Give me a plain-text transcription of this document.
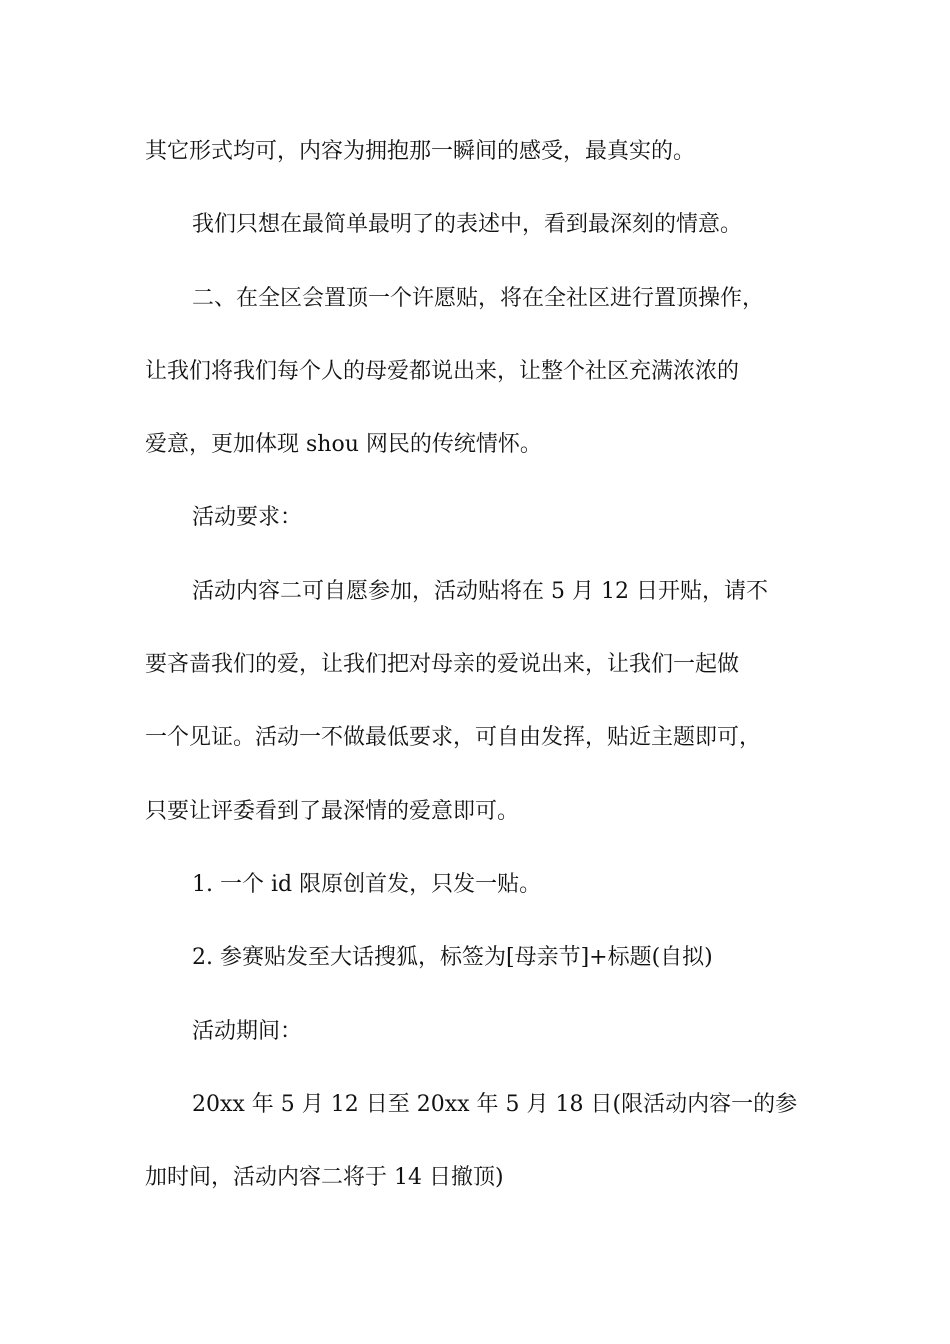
其它形式均可，内容为拥抱那一瞬间的感受，最真实的。
我们只想在最简单最明了的表述中，看到最深刻的情意。
二、在全区会置顶一个许愿贴，将在全社区进行置顶操作，
让我们将我们每个人的母爱都说出来，让整个社区充满浓浓的
爱意，更加体现 shou 网民的传统情怀。
活动要求：
活动内容二可自愿参加，活动贴将在 5 月 12 日开贴，请不
要吝啬我们的爱，让我们把对母亲的爱说出来，让我们一起做
一个见证。活动一不做最低要求，可自由发挥，贴近主题即可，
只要让评委看到了最深情的爱意即可。
1. 一个 id 限原创首发，只发一贴。
2. 参赛贴发至大话搜狐，标签为[母亲节]+标题(自拟)
活动期间：
20xx 年 5 月 12 日至 20xx 年 5 月 18 日(限活动内容一的参
加时间，活动内容二将于 14 日撤顶)
